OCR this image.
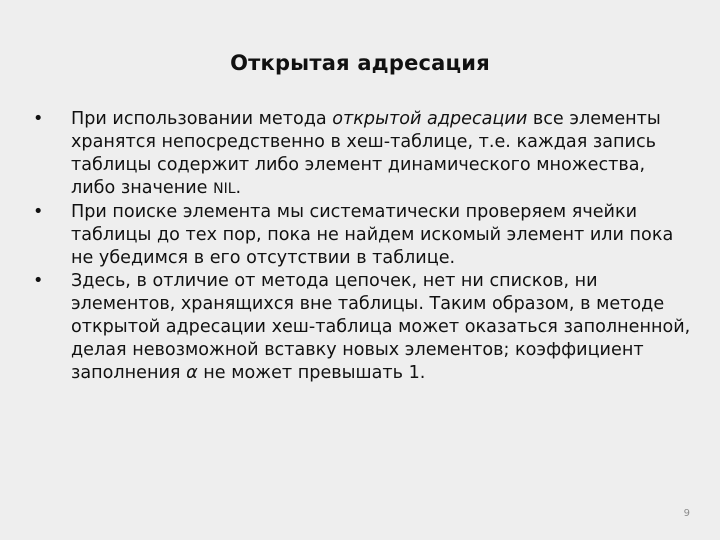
Открытая адресация
•	При использовании метода открытой адресации все элементы хранятся непосредственно в хеш-таблице, т.е. каждая запись таблицы содержит либо элемент динамического множества, либо значение NIL.
•	При поиске элемента мы систематически проверяем ячейки таблицы до тех пор, пока не найдем искомый элемент или пока не убедимся в его отсутствии в таблице.
•	Здесь, в отличие от метода цепочек, нет ни списков, ни элементов, хранящихся вне таблицы. Таким образом, в методе открытой адресации хеш-таблица может оказаться заполненной, делая невозможной вставку новых элементов; коэффициент заполнения α не может превышать 1.
9
